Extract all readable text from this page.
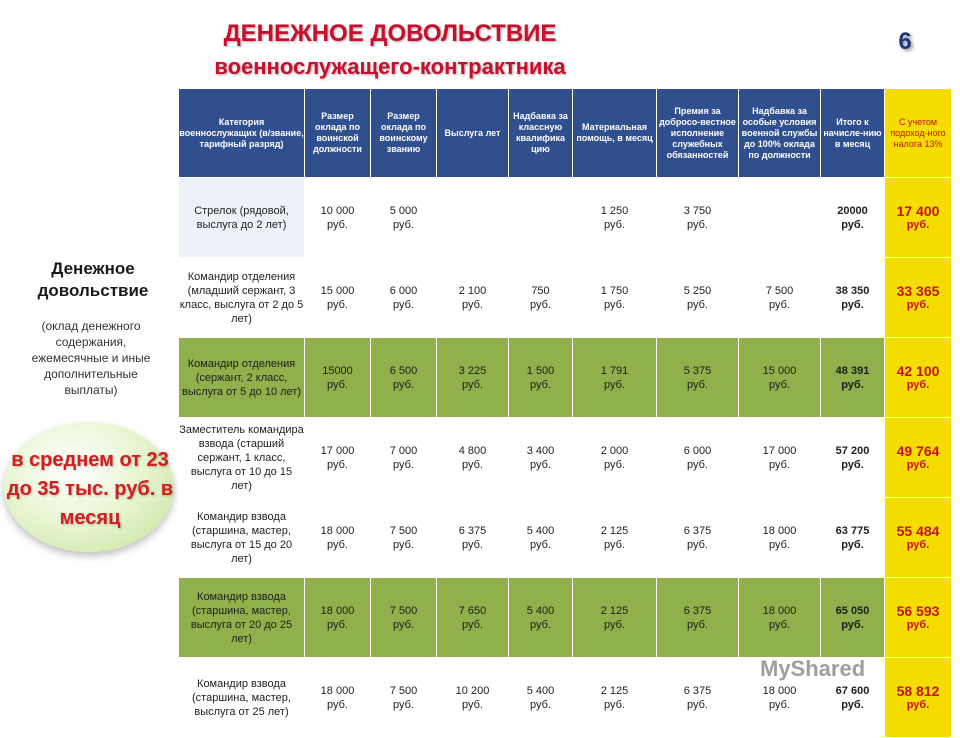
ДЕНЕЖНОЕ ДОВОЛЬСТВИЕ
военнослужащего-контрактника
6
Денежное довольствие
(оклад денежного содержания, ежемесячные и иные дополнительные выплаты)
в среднем от 23 до 35 тыс. руб. в месяц
Категория военнослужащих (в/звание, тарифный разряд)	Размер оклада по воинской должности	Размер оклада по воинскому званию	Выслуга лет	Надбавка за классную квалифика цию	Материальная помощь, в месяц	Премия за добросо-вестное исполнение служебных обязанностей	Надбавка за особые условия военной службы до 100% оклада по должности	Итого к начисле-нию в месяц	С учетом подоход-ного налога 13%
Стрелок (рядовой, выслуга до 2 лет)	10 000
руб.	5 000
руб.			1 250
руб.	3 750
руб.		20000
руб.	17 400
руб.

Командир отделения (младший сержант, 3 класс, выслуга от 2 до 5 лет)	15 000
руб.	6 000
руб.	2 100
руб.	750
руб.	1 750
руб.	5 250
руб.	7 500
руб.	38 350
руб.	33 365
руб.

Командир отделения (сержант, 2 класс, выслуга от 5 до 10 лет)	15000
руб.	6 500
руб.	3 225
руб.	1 500
руб.	1 791
руб.	5 375
руб.	15 000
руб.	48 391
руб.	42 100
руб.

Заместитель командира взвода (старший сержант, 1 класс, выслуга от 10 до 15 лет)	17 000
руб.	7 000
руб.	4 800
руб.	3 400
руб.	2 000
руб.	6 000
руб.	17 000
руб.	57 200
руб.	49 764
руб.

Командир взвода (старшина, мастер, выслуга от 15 до 20 лет)	18 000
руб.	7 500
руб.	6 375
руб.	5 400
руб.	2 125
руб.	6 375
руб.	18 000
руб.	63 775
руб.	55 484
руб.

Командир взвода (старшина, мастер, выслуга от 20 до 25 лет)	18 000
руб.	7 500
руб.	7 650
руб.	5 400
руб.	2 125
руб.	6 375
руб.	18 000
руб.	65 050
руб.	56 593
руб.

Командир взвода (старшина, мастер, выслуга от 25 лет)	18 000
руб.	7 500
руб.	10 200
руб.	5 400
руб.	2 125
руб.	6 375
руб.	18 000
руб.	67 600
руб.	58 812
руб.
MyShared
